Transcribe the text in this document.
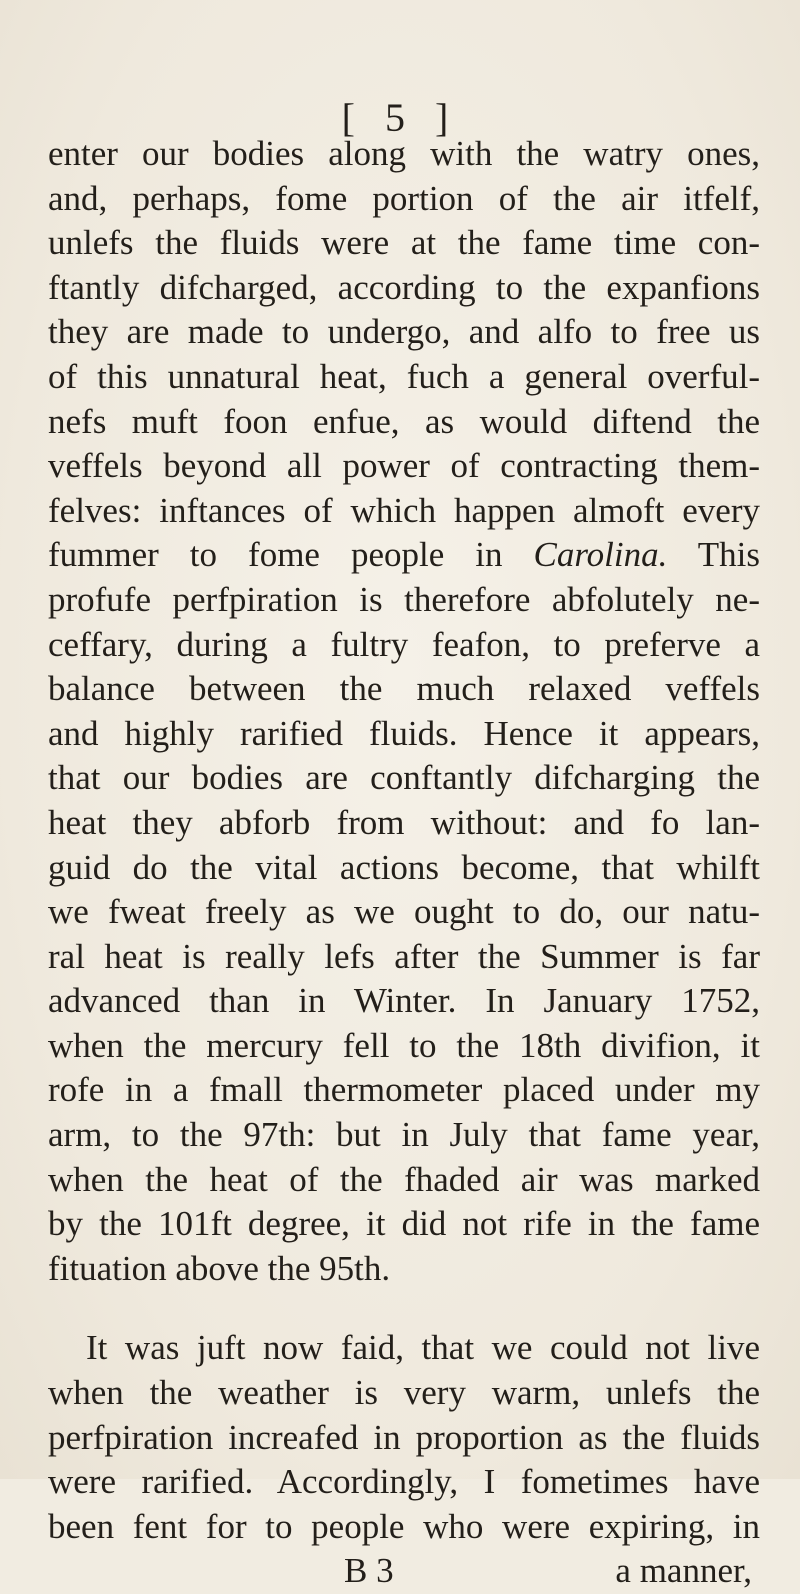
[ 5 ]
enter our bodies along with the watry ones,
and, perhaps, fome portion of the air itfelf,
unlefs the fluids were at the fame time con-
ftantly difcharged, according to the expanfions
they are made to undergo, and alfo to free us
of this unnatural heat, fuch a general overful-
nefs muft foon enfue, as would diftend the
veffels beyond all power of contracting them-
felves: inftances of which happen almoft every
fummer to fome people in Carolina. This
profufe perfpiration is therefore abfolutely ne-
ceffary, during a fultry feafon, to preferve a
balance between the much relaxed veffels
and highly rarified fluids. Hence it appears,
that our bodies are conftantly difcharging the
heat they abforb from without: and fo lan-
guid do the vital actions become, that whilft
we fweat freely as we ought to do, our natu-
ral heat is really lefs after the Summer is far
advanced than in Winter. In January 1752,
when the mercury fell to the 18th divifion, it
rofe in a fmall thermometer placed under my
arm, to the 97th: but in July that fame year,
when the heat of the fhaded air was marked
by the 101ft degree, it did not rife in the fame
fituation above the 95th.
It was juft now faid, that we could not live
when the weather is very warm, unlefs the
perfpiration increafed in proportion as the fluids
were rarified. Accordingly, I fometimes have
been fent for to people who were expiring, in
B 3	a manner,
